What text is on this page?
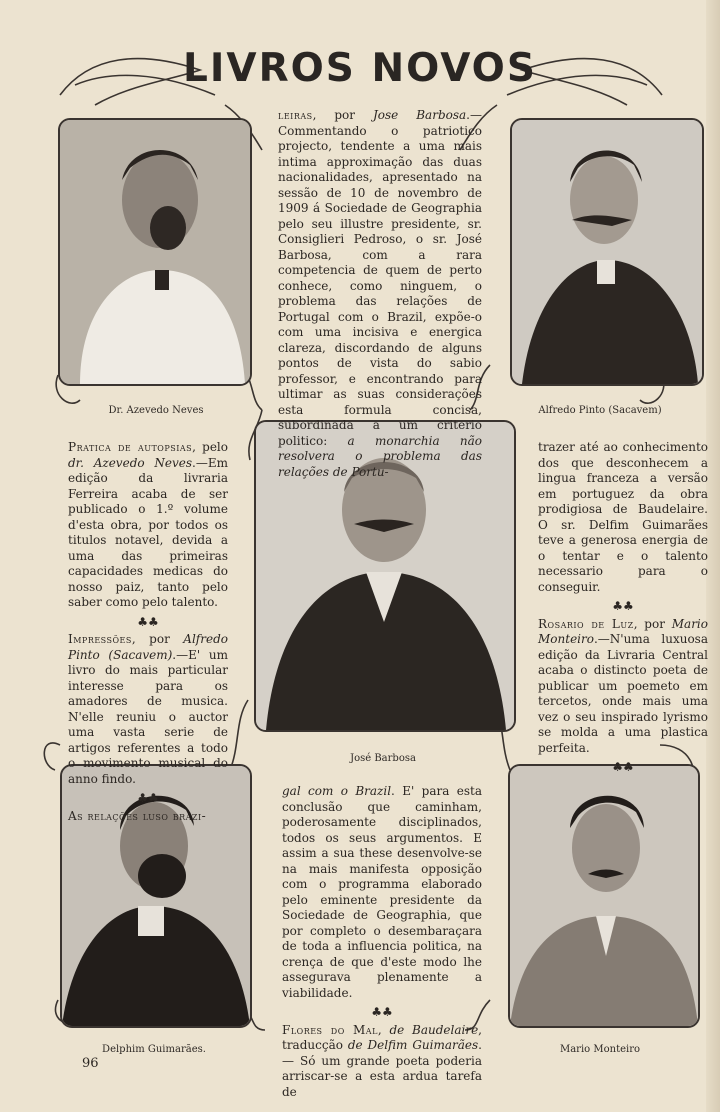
LIVROS NOVOS
Dr. Azevedo Neves	Alfredo Pinto (Sacavem)
José Barbosa
Delphim Guimarães.	Mario Monteiro

leiras, por Jose Barbosa.—Commentando o patriotico projecto, tendente a uma mais intima approximação das duas nacionalidades, apresentado na sessão de 10 de novembro de 1909 á Sociedade de Geographia pelo seu illustre presidente, sr. Consiglieri Pedroso, o sr. José Barbosa, com a rara competencia de quem de perto conhece, como ninguem, o problema das relações de Portugal com o Brazil, expõe-o com uma incisiva e energica clareza, discordando de alguns pontos de vista do sabio professor, e encontrando para ultimar as suas considerações esta formula concisa, subordinada a um criterio politico: a monarchia não resolvera o problema das relações de Portu-

Pratica de autopsias, pelo dr. Azevedo Neves.—Em edição da livraria Ferreira acaba de ser publicado o 1.º volume d'esta obra, por todos os titulos notavel, devida a uma das primeiras capacidades medicas do nosso paiz, tanto pelo saber como pelo talento.

♣♣

Impressões, por Alfredo Pinto (Sacavem).—E' um livro do mais particular interesse para os amadores de musica. N'elle reuniu o auctor uma vasta serie de artigos referentes a todo o movimento musical do anno findo.

♣♣

As relações luso brazi-

trazer até ao conhecimento dos que desconhecem a lingua franceza a versão em portuguez da obra prodigiosa de Baudelaire. O sr. Delfim Guimarães teve a generosa energia de o tentar e o talento necessario para o conseguir.

♣♣

Rosario de Luz, por Mario Monteiro.—N'uma luxuosa edição da Livraria Central acaba o distincto poeta de publicar um poemeto em tercetos, onde mais uma vez o seu inspirado lyrismo se molda a uma plastica perfeita.

♣♣

gal com o Brazil. E' para esta conclusão que caminham, poderosamente disciplinados, todos os seus argumentos. E assim a sua these desenvolve-se na mais manifesta opposição com o programma elaborado pelo eminente presidente da Sociedade de Geographia, que por completo o desembaraçara de toda a influencia politica, na crença de que d'este modo lhe assegurava plenamente a viabilidade.

♣♣

Flores do Mal, de Baudelaire, traducção de Delfim Guimarães.— Só um grande poeta poderia arriscar-se a esta ardua tarefa de

96
